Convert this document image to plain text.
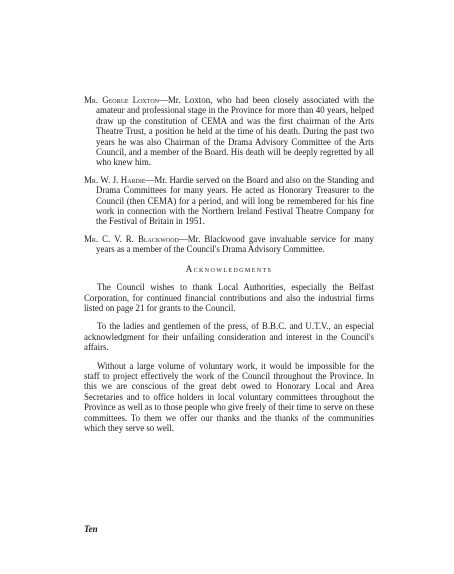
Mr. George Loxton—Mr. Loxton, who had been closely associated with the amateur and professional stage in the Province for more than 40 years, helped draw up the constitution of CEMA and was the first chairman of the Arts Theatre Trust, a position he held at the time of his death. During the past two years he was also Chairman of the Drama Advisory Committee of the Arts Council, and a member of the Board. His death will be deeply regretted by all who knew him.

Mr. W. J. Hardie—Mr. Hardie served on the Board and also on the Standing and Drama Committees for many years. He acted as Honorary Treasurer to the Council (then CEMA) for a period, and will long be remembered for his fine work in connection with the Northern Ireland Festival Theatre Company for the Festival of Britain in 1951.

Mr. C. V. R. Blackwood—Mr. Blackwood gave invaluable service for many years as a member of the Council's Drama Advisory Committee.

Acknowledgments

The Council wishes to thank Local Authorities, especially the Belfast Corporation, for continued financial contributions and also the industrial firms listed on page 21 for grants to the Council.

To the ladies and gentlemen of the press, of B.B.C. and U.T.V., an especial acknowledgment for their unfailing consideration and interest in the Council's affairs.

Without a large volume of voluntary work, it would be impossible for the staff to project effectively the work of the Council throughout the Province. In this we are conscious of the great debt owed to Honorary Local and Area Secretaries and to office holders in local voluntary committees throughout the Province as well as to those people who give freely of their time to serve on these committees. To them we offer our thanks and the thanks of the communities which they serve so well.

Ten
